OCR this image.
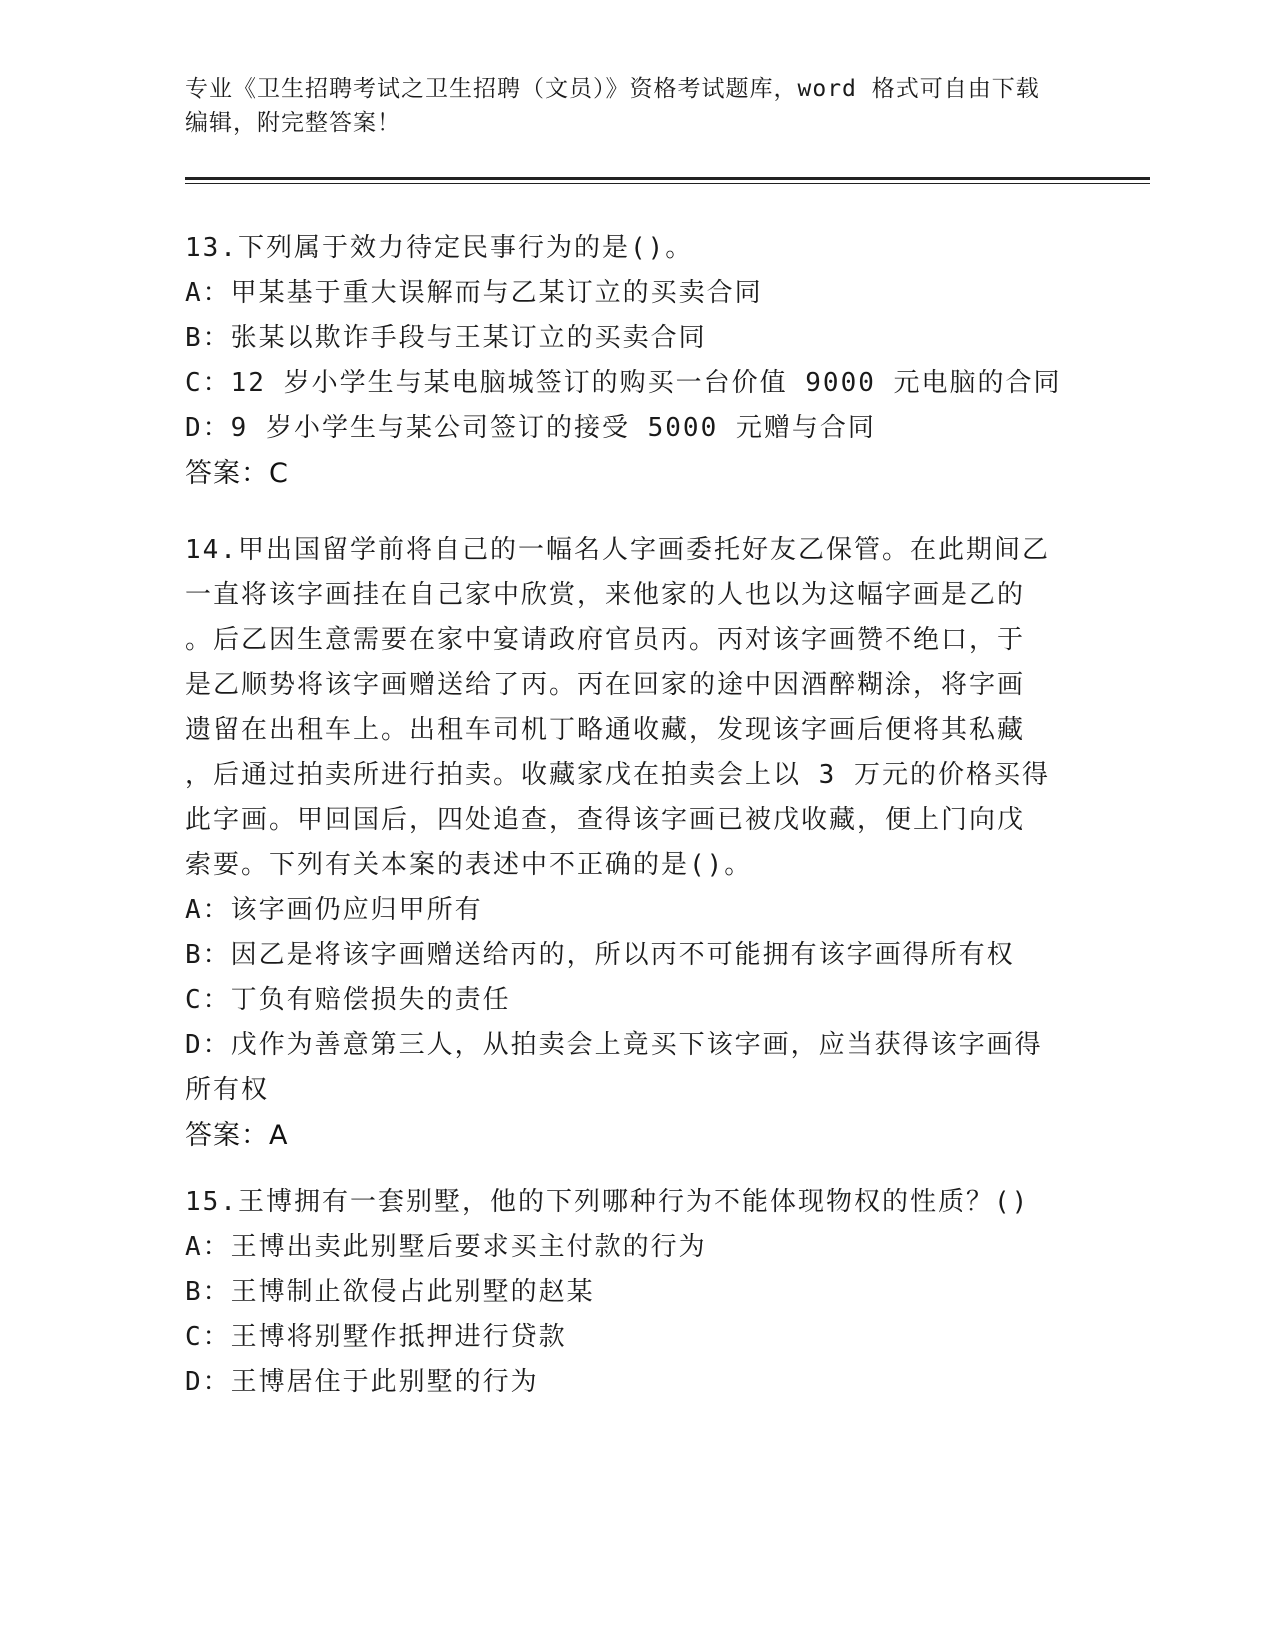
专业《卫生招聘考试之卫生招聘（文员）》资格考试题库，word 格式可自由下载
编辑，附完整答案！
13.下列属于效力待定民事行为的是()。
A：甲某基于重大误解而与乙某订立的买卖合同
B：张某以欺诈手段与王某订立的买卖合同
C：12 岁小学生与某电脑城签订的购买一台价值 9000 元电脑的合同
D：9 岁小学生与某公司签订的接受 5000 元赠与合同
答案：C
14.甲出国留学前将自己的一幅名人字画委托好友乙保管。在此期间乙
一直将该字画挂在自己家中欣赏，来他家的人也以为这幅字画是乙的
。后乙因生意需要在家中宴请政府官员丙。丙对该字画赞不绝口，于
是乙顺势将该字画赠送给了丙。丙在回家的途中因酒醉糊涂，将字画
遗留在出租车上。出租车司机丁略通收藏，发现该字画后便将其私藏
，后通过拍卖所进行拍卖。收藏家戊在拍卖会上以 3 万元的价格买得
此字画。甲回国后，四处追查，查得该字画已被戊收藏，便上门向戊
索要。下列有关本案的表述中不正确的是()。
A：该字画仍应归甲所有
B：因乙是将该字画赠送给丙的，所以丙不可能拥有该字画得所有权
C：丁负有赔偿损失的责任
D：戊作为善意第三人，从拍卖会上竟买下该字画，应当获得该字画得
所有权
答案：A
15.王博拥有一套别墅，他的下列哪种行为不能体现物权的性质？()
A：王博出卖此别墅后要求买主付款的行为
B：王博制止欲侵占此别墅的赵某
C：王博将别墅作抵押进行贷款
D：王博居住于此别墅的行为
